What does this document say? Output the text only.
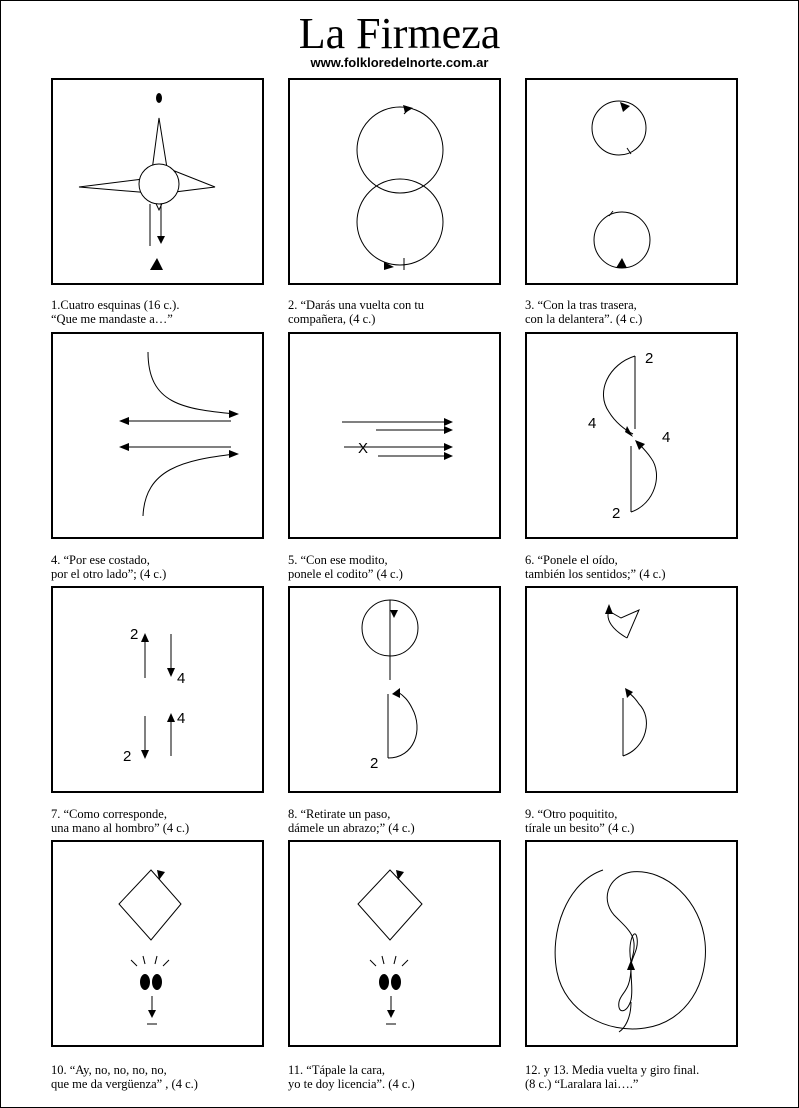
La Firmeza
www.folkloredelnorte.com.ar
1.Cuatro esquinas (16 c.).
“Que me mandaste a…”
2. “Darás una vuelta con tu
compañera, (4 c.)
3. “Con la tras trasera,
con la delantera”. (4 c.)
4. “Por ese costado,
por el otro lado”; (4 c.)
X
5. “Con ese modito,
ponele el codito” (4 c.)
2
4
4
2
6. “Ponele el oído,
también los sentidos;” (4 c.)
2
4
4
2
7. “Como corresponde,
una mano al hombro” (4 c.)
2
8. “Retirate un paso,
dámele un abrazo;” (4 c.)
9. “Otro poquitito,
tírale un besito” (4 c.)
10. “Ay, no, no, no, no,
que me da vergüenza” , (4 c.)
11. “Tápale la cara,
yo te doy licencia”. (4 c.)
12. y 13. Media vuelta y giro final.
(8 c.) “Laralara lai….”
